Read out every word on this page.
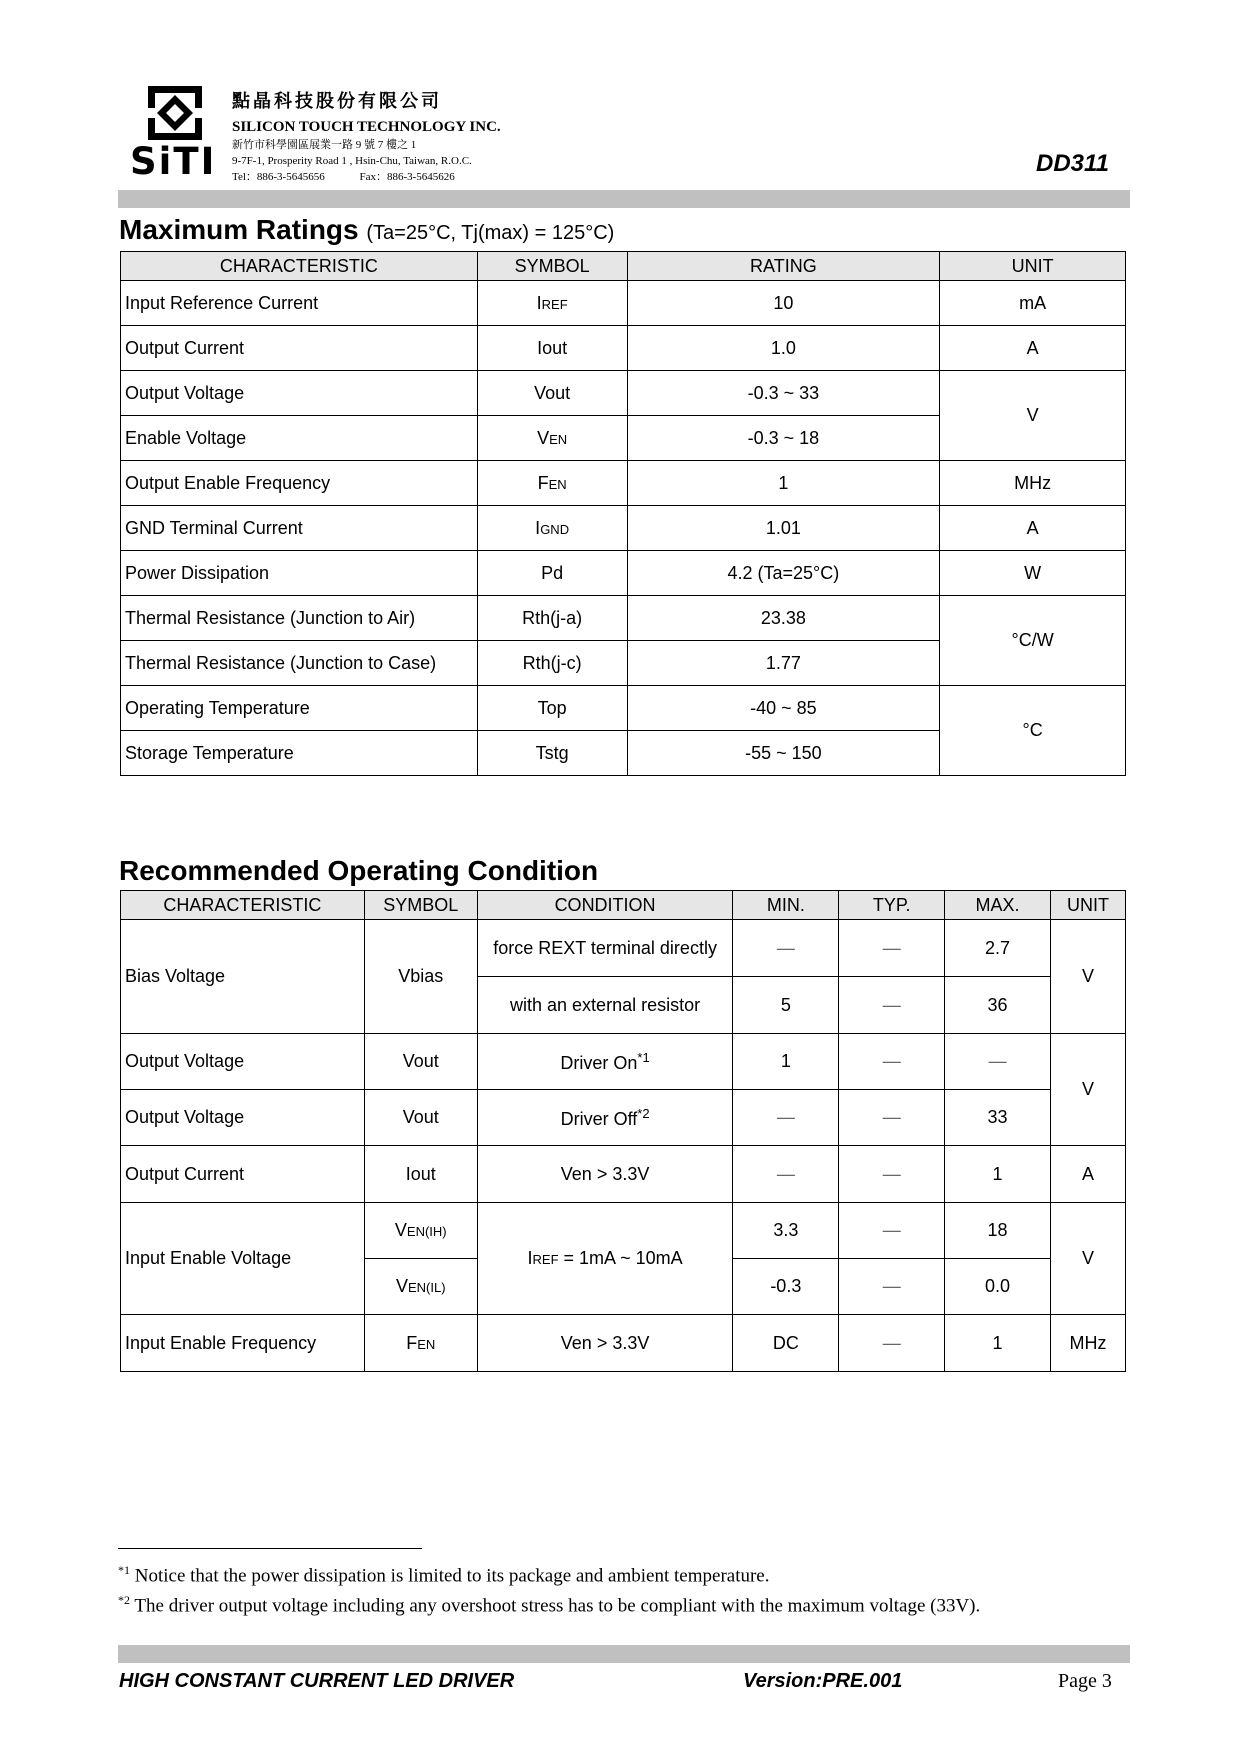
SiTI
點晶科技股份有限公司
SILICON TOUCH TECHNOLOGY INC.
新竹市科學園區展業一路 9 號 7 樓之 1
9-7F-1, Prosperity Road 1 , Hsin-Chu, Taiwan, R.O.C.
Tel：886-3-5645656	Fax：886-3-5645626	DD311
Maximum Ratings (Ta=25°C, Tj(max) = 125°C)
CHARACTERISTIC	SYMBOL	RATING	UNIT
Input Reference Current	IREF	10	mA
Output Current	Iout	1.0	A
Output Voltage	Vout	-0.3 ~ 33	V
Enable Voltage	VEN	-0.3 ~ 18	
Output Enable Frequency	FEN	1	MHz
GND Terminal Current	IGND	1.01	A
Power Dissipation	Pd	4.2 (Ta=25°C)	W
Thermal Resistance (Junction to Air)	Rth(j-a)	23.38	°C/W
Thermal Resistance (Junction to Case)	Rth(j-c)	1.77	
Operating Temperature	Top	-40 ~ 85	°C
Storage Temperature	Tstg	-55 ~ 150	
Recommended Operating Condition
CHARACTERISTIC	SYMBOL	CONDITION	MIN.	TYP.	MAX.	UNIT
Bias Voltage	Vbias	force REXT terminal directly	—	—	2.7	V
		with an external resistor	5	—	36	
Output Voltage	Vout	Driver On$^{*1}$	1	—	—	V
Output Voltage	Vout	Driver Off$^{*2}$	—	—	33	
Output Current	Iout	Ven > 3.3V	—	—	1	A
Input Enable Voltage	VEN(IH)	IREF = 1mA ~ 10mA	3.3	—	18	V
	VEN(IL)		-0.3	—	0.0	
Input Enable Frequency	FEN	Ven > 3.3V	DC	—	1	MHz
$^{*1}$ Notice that the power dissipation is limited to its package and ambient temperature.
$^{*2}$ The driver output voltage including any overshoot stress has to be compliant with the maximum voltage (33V).
HIGH CONSTANT CURRENT LED DRIVER	Version:PRE.001	Page 3
